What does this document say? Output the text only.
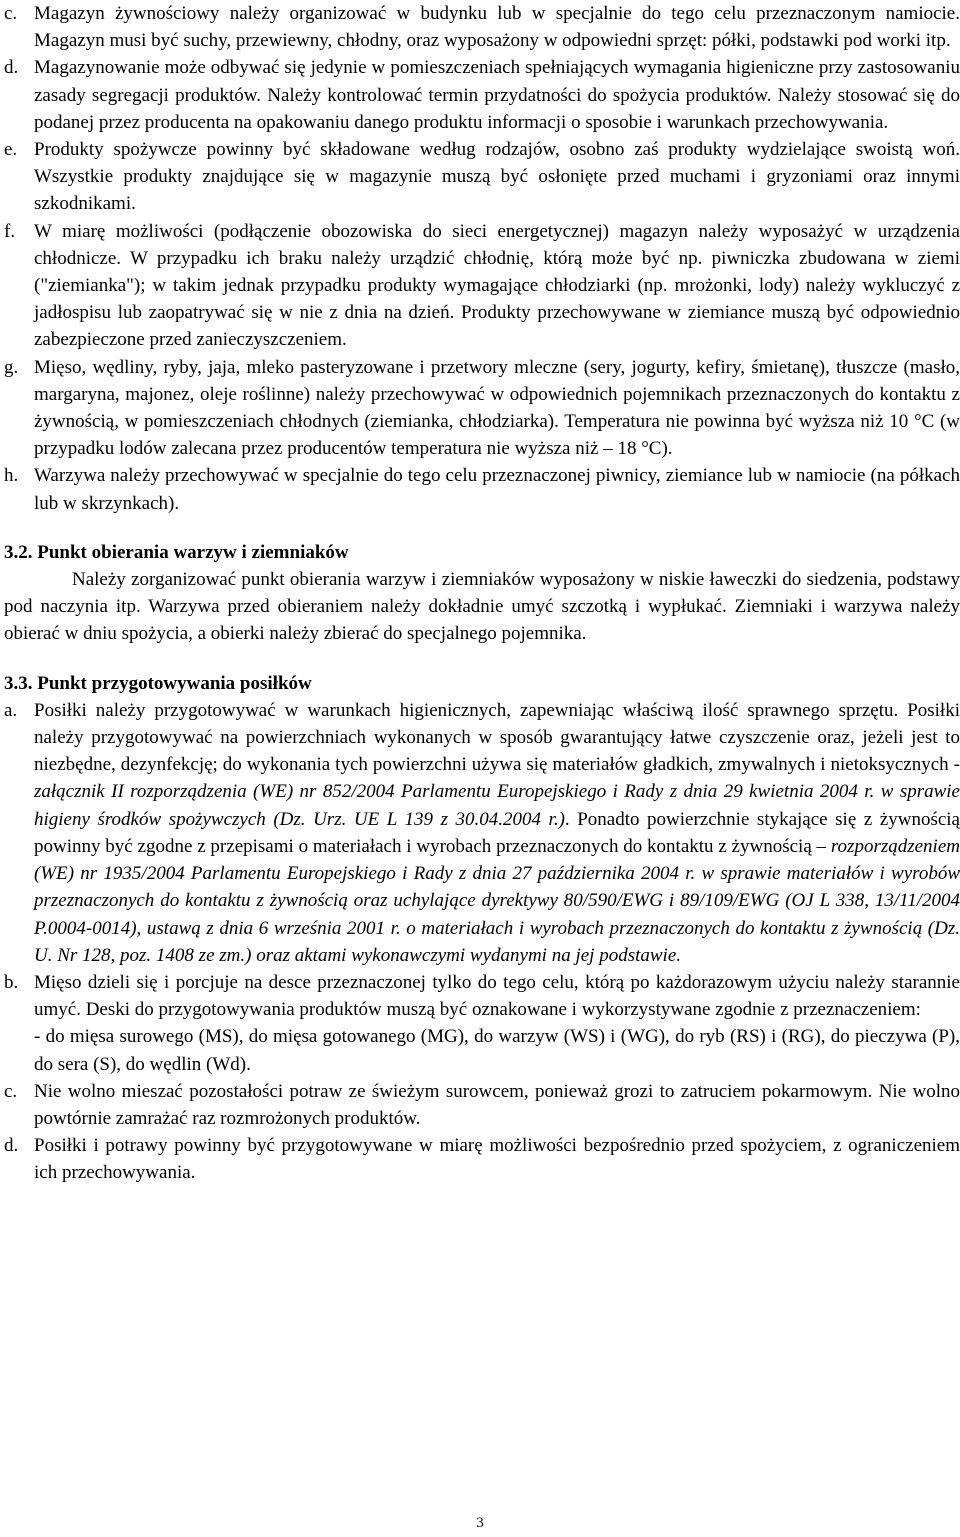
c. Magazyn żywnościowy należy organizować w budynku lub w specjalnie do tego celu przeznaczonym namiocie. Magazyn musi być suchy, przewiewny, chłodny, oraz wyposażony w odpowiedni sprzęt: półki, podstawki pod worki itp.

d. Magazynowanie może odbywać się jedynie w pomieszczeniach spełniających wymagania higieniczne przy zastosowaniu zasady segregacji produktów. Należy kontrolować termin przydatności do spożycia produktów. Należy stosować się do podanej przez producenta na opakowaniu danego produktu informacji o sposobie i warunkach przechowywania.

e. Produkty spożywcze powinny być składowane według rodzajów, osobno zaś produkty wydzielające swoistą woń. Wszystkie produkty znajdujące się w magazynie muszą być osłonięte przed muchami i gryzoniami oraz innymi szkodnikami.

f. W miarę możliwości (podłączenie obozowiska do sieci energetycznej) magazyn należy wyposażyć w urządzenia chłodnicze. W przypadku ich braku należy urządzić chłodnię, którą może być np. piwniczka zbudowana w ziemi ("ziemianka"); w takim jednak przypadku produkty wymagające chłodziarki (np. mrożonki, lody) należy wykluczyć z jadłospisu lub zaopatrywać się w nie z dnia na dzień. Produkty przechowywane w ziemiance muszą być odpowiednio zabezpieczone przed zanieczyszczeniem.

g. Mięso, wędliny, ryby, jaja, mleko pasteryzowane i przetwory mleczne (sery, jogurty, kefiry, śmietanę), tłuszcze (masło, margaryna, majonez, oleje roślinne) należy przechowywać w odpowiednich pojemnikach przeznaczonych do kontaktu z żywnością, w pomieszczeniach chłodnych (ziemianka, chłodziarka). Temperatura nie powinna być wyższa niż 10 °C (w przypadku lodów zalecana przez producentów temperatura nie wyższa niż – 18 °C).

h. Warzywa należy przechowywać w specjalnie do tego celu przeznaczonej piwnicy, ziemiance lub w namiocie (na półkach lub w skrzynkach).

3.2. Punkt obierania warzyw i ziemniaków

Należy zorganizować punkt obierania warzyw i ziemniaków wyposażony w niskie ławeczki do siedzenia, podstawy pod naczynia itp. Warzywa przed obieraniem należy dokładnie umyć szczotką i wypłukać. Ziemniaki i warzywa należy obierać w dniu spożycia, a obierki należy zbierać do specjalnego pojemnika.

3.3. Punkt przygotowywania posiłków
a. Posiłki należy przygotowywać w warunkach higienicznych, zapewniając właściwą ilość sprawnego sprzętu. Posiłki należy przygotowywać na powierzchniach wykonanych w sposób gwarantujący łatwe czyszczenie oraz, jeżeli jest to niezbędne, dezynfekcję; do wykonania tych powierzchni używa się materiałów gładkich, zmywalnych i nietoksycznych - załącznik II rozporządzenia (WE) nr 852/2004 Parlamentu Europejskiego i Rady z dnia 29 kwietnia 2004 r. w sprawie higieny środków spożywczych (Dz. Urz. UE L 139 z 30.04.2004 r.). Ponadto powierzchnie stykające się z żywnością powinny być zgodne z przepisami o materiałach i wyrobach przeznaczonych do kontaktu z żywnością – rozporządzeniem (WE) nr 1935/2004 Parlamentu Europejskiego i Rady z dnia 27 października 2004 r. w sprawie materiałów i wyrobów przeznaczonych do kontaktu z żywnością oraz uchylające dyrektywy 80/590/EWG i 89/109/EWG (OJ L 338, 13/11/2004 P.0004-0014), ustawą z dnia 6 września 2001 r. o materiałach i wyrobach przeznaczonych do kontaktu z żywnością (Dz. U. Nr 128, poz. 1408 ze zm.) oraz aktami wykonawczymi wydanymi na jej podstawie.

b. Mięso dzieli się i porcjuje na desce przeznaczonej tylko do tego celu, którą po każdorazowym użyciu należy starannie umyć. Deski do przygotowywania produktów muszą być oznakowane i wykorzystywane zgodnie z przeznaczeniem:

- do mięsa surowego (MS), do mięsa gotowanego (MG), do warzyw (WS) i (WG), do ryb (RS) i (RG), do pieczywa (P), do sera (S), do wędlin (Wd).

c. Nie wolno mieszać pozostałości potraw ze świeżym surowcem, ponieważ grozi to zatruciem pokarmowym. Nie wolno powtórnie zamrażać raz rozmrożonych produktów.

d. Posiłki i potrawy powinny być przygotowywane w miarę możliwości bezpośrednio przed spożyciem, z ograniczeniem ich przechowywania.

3
